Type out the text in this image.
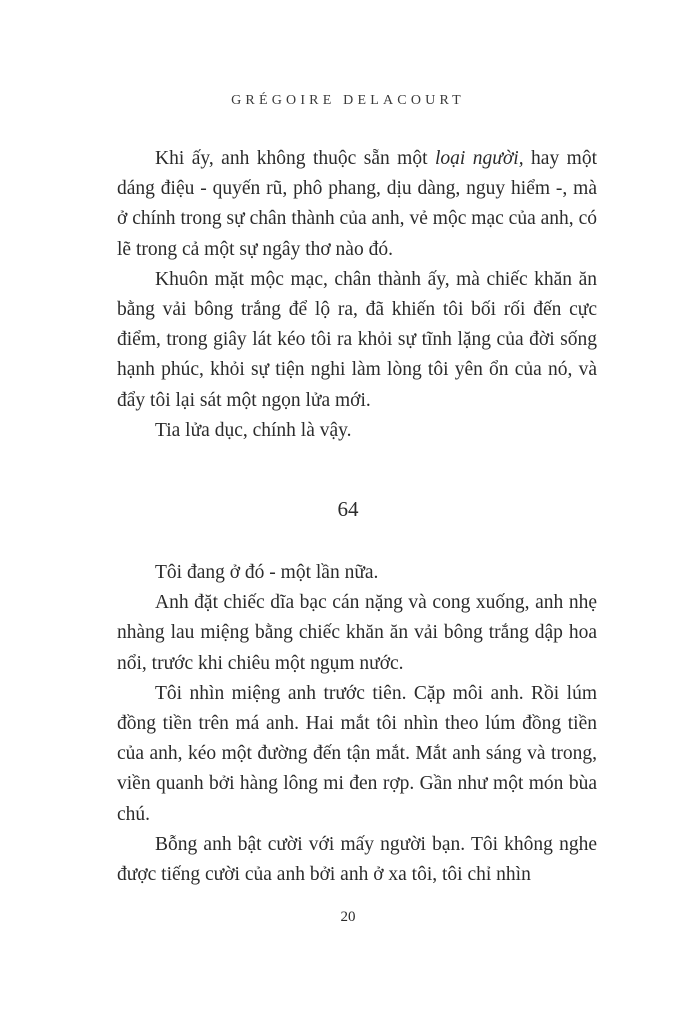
GRÉGOIRE DELACOURT

Khi ấy, anh không thuộc sẵn một loại người, hay một dáng điệu - quyến rũ, phô phang, dịu dàng, nguy hiểm -, mà ở chính trong sự chân thành của anh, vẻ mộc mạc của anh, có lẽ trong cả một sự ngây thơ nào đó.

Khuôn mặt mộc mạc, chân thành ấy, mà chiếc khăn ăn bằng vải bông trắng để lộ ra, đã khiến tôi bối rối đến cực điểm, trong giây lát kéo tôi ra khỏi sự tĩnh lặng của đời sống hạnh phúc, khỏi sự tiện nghi làm lòng tôi yên ổn của nó, và đẩy tôi lại sát một ngọn lửa mới.

Tia lửa dục, chính là vậy.

64

Tôi đang ở đó - một lần nữa.

Anh đặt chiếc dĩa bạc cán nặng và cong xuống, anh nhẹ nhàng lau miệng bằng chiếc khăn ăn vải bông trắng dập hoa nổi, trước khi chiêu một ngụm nước.

Tôi nhìn miệng anh trước tiên. Cặp môi anh. Rồi lúm đồng tiền trên má anh. Hai mắt tôi nhìn theo lúm đồng tiền của anh, kéo một đường đến tận mắt. Mắt anh sáng và trong, viền quanh bởi hàng lông mi đen rợp. Gần như một món bùa chú.

Bỗng anh bật cười với mấy người bạn. Tôi không nghe được tiếng cười của anh bởi anh ở xa tôi, tôi chỉ nhìn

20
